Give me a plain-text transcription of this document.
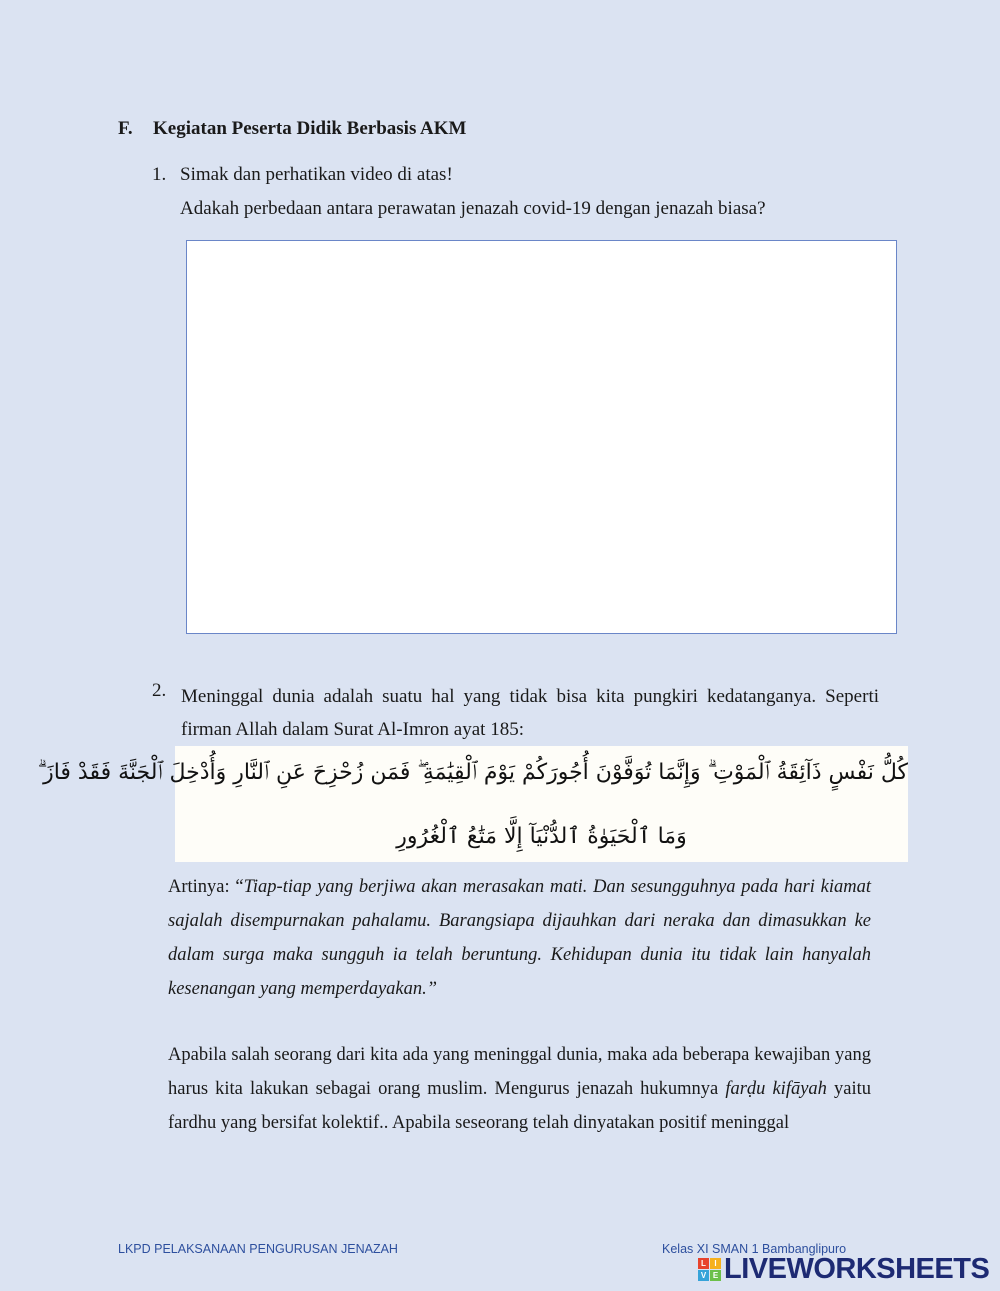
F. Kegiatan Peserta Didik Berbasis AKM
1. Simak dan perhatikan video di atas!
Adakah perbedaan antara perawatan jenazah covid-19 dengan jenazah biasa?
2. Meninggal dunia adalah suatu hal yang tidak bisa kita pungkiri kedatanganya. Seperti firman Allah dalam Surat Al-Imron ayat 185:
كُلُّ نَفْسٍ ذَآئِقَةُ ٱلْمَوْتِ ۗ وَإِنَّمَا تُوَفَّوْنَ أُجُورَكُمْ يَوْمَ ٱلْقِيَٰمَةِ ۖ فَمَن زُحْزِحَ عَنِ ٱلنَّارِ وَأُدْخِلَ ٱلْجَنَّةَ فَقَدْ فَازَ ۗ
وَمَا ٱلْحَيَوٰةُ ٱلدُّنْيَآ إِلَّا مَتَٰعُ ٱلْغُرُورِ
Artinya: “Tiap-tiap yang berjiwa akan merasakan mati. Dan sesungguhnya pada hari kiamat sajalah disempurnakan pahalamu. Barangsiapa dijauhkan dari neraka dan dimasukkan ke dalam surga maka sungguh ia telah beruntung. Kehidupan dunia itu tidak lain hanyalah kesenangan yang memperdayakan.”
Apabila salah seorang dari kita ada yang meninggal dunia, maka ada beberapa kewajiban yang harus kita lakukan sebagai orang muslim. Mengurus jenazah hukumnya farḍu kifāyah yaitu fardhu yang bersifat kolektif.. Apabila seseorang telah dinyatakan positif meninggal
LKPD PELAKSANAAN PENGURUSAN JENAZAH	Kelas XI SMAN 1 Bambanglipuro
L	I
V E LIVEWORKSHEETS
